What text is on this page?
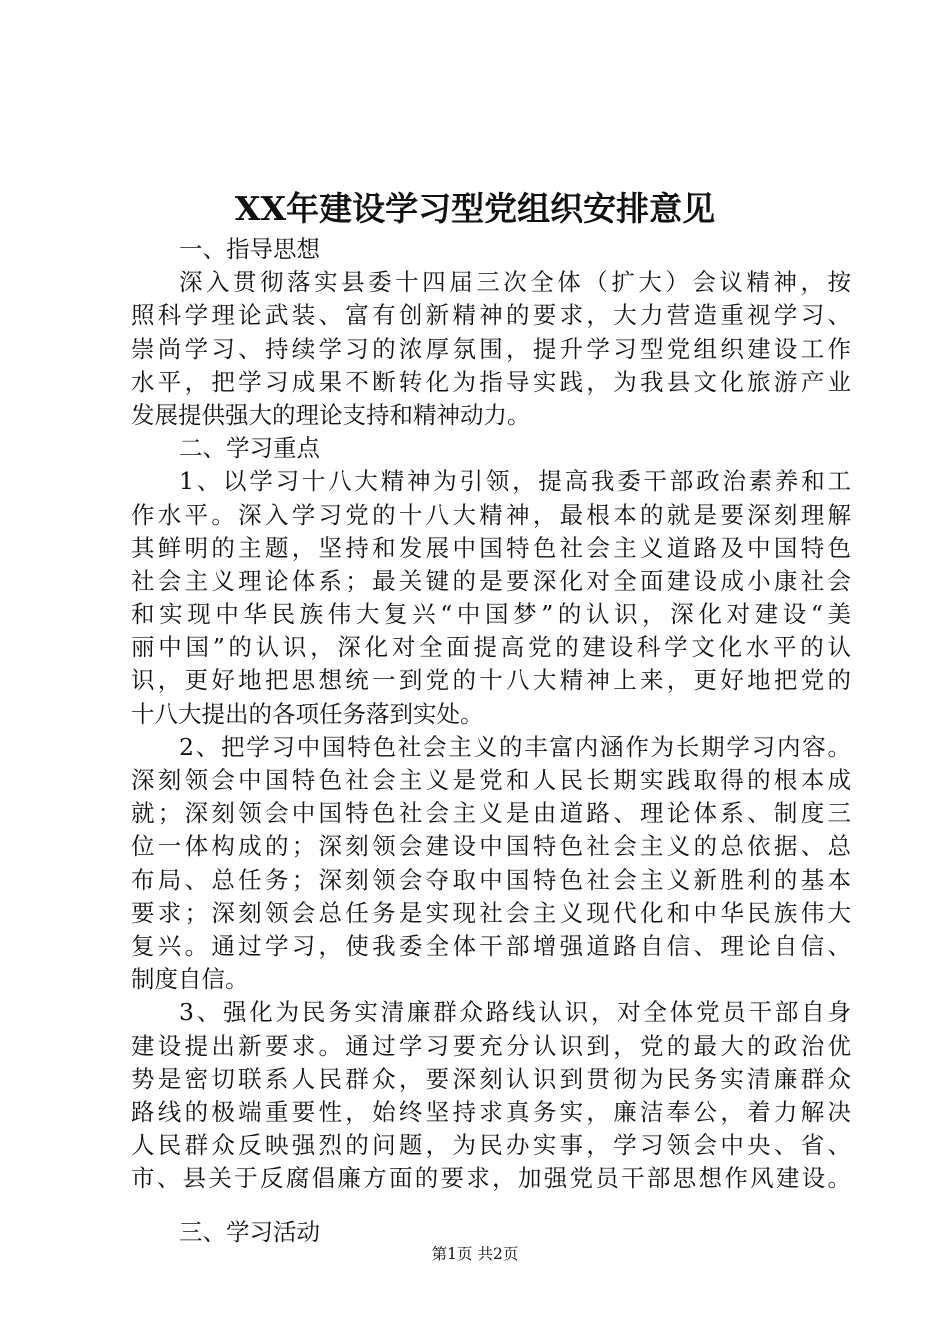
XX年建设学习型党组织安排意见
一、指导思想
深入贯彻落实县委十四届三次全体（扩大）会议精神，按
照科学理论武装、富有创新精神的要求，大力营造重视学习、
崇尚学习、持续学习的浓厚氛围，提升学习型党组织建设工作
水平，把学习成果不断转化为指导实践，为我县文化旅游产业
发展提供强大的理论支持和精神动力。
二、学习重点
1、以学习十八大精神为引领，提高我委干部政治素养和工
作水平。深入学习党的十八大精神，最根本的就是要深刻理解
其鲜明的主题，坚持和发展中国特色社会主义道路及中国特色
社会主义理论体系；最关键的是要深化对全面建设成小康社会
和实现中华民族伟大复兴“中国梦”的认识，深化对建设“美
丽中国”的认识，深化对全面提高党的建设科学文化水平的认
识，更好地把思想统一到党的十八大精神上来，更好地把党的
十八大提出的各项任务落到实处。
2、把学习中国特色社会主义的丰富内涵作为长期学习内容。
深刻领会中国特色社会主义是党和人民长期实践取得的根本成
就；深刻领会中国特色社会主义是由道路、理论体系、制度三
位一体构成的；深刻领会建设中国特色社会主义的总依据、总
布局、总任务；深刻领会夺取中国特色社会主义新胜利的基本
要求；深刻领会总任务是实现社会主义现代化和中华民族伟大
复兴。通过学习，使我委全体干部增强道路自信、理论自信、
制度自信。
3、强化为民务实清廉群众路线认识，对全体党员干部自身
建设提出新要求。通过学习要充分认识到，党的最大的政治优
势是密切联系人民群众，要深刻认识到贯彻为民务实清廉群众
路线的极端重要性，始终坚持求真务实，廉洁奉公，着力解决
人民群众反映强烈的问题，为民办实事，学习领会中央、省、
市、县关于反腐倡廉方面的要求，加强党员干部思想作风建设。
三、学习活动
第1页 共2页
